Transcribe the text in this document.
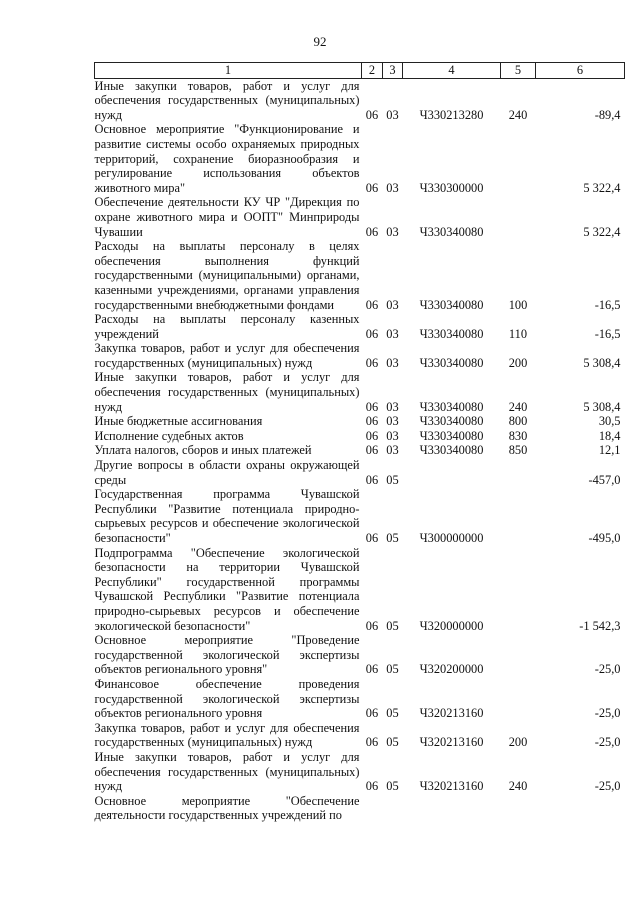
92
1	2	3	4	5	6
Иные закупки товаров, работ и услуг для обеспечения государственных (муниципальных) нужд	06	03	Ч330213280	240	-89,4
Основное мероприятие "Функционирование и развитие системы особо охраняемых природных территорий, сохранение биоразнообразия и регулирование использования объектов животного мира"	06	03	Ч330300000		5 322,4
Обеспечение деятельности КУ ЧР "Дирекция по охране животного мира и ООПТ" Минприроды Чувашии	06	03	Ч330340080		5 322,4
Расходы на выплаты персоналу в целях обеспечения выполнения функций государственными (муниципальными) органами, казенными учреждениями, органами управления государственными внебюджетными фондами	06	03	Ч330340080	100	-16,5
Расходы на выплаты персоналу казенных учреждений	06	03	Ч330340080	110	-16,5
Закупка товаров, работ и услуг для обеспечения государственных (муниципальных) нужд	06	03	Ч330340080	200	5 308,4
Иные закупки товаров, работ и услуг для обеспечения государственных (муниципальных) нужд	06	03	Ч330340080	240	5 308,4
Иные бюджетные ассигнования	06	03	Ч330340080	800	30,5
Исполнение судебных актов	06	03	Ч330340080	830	18,4
Уплата налогов, сборов и иных платежей	06	03	Ч330340080	850	12,1
Другие вопросы в области охраны окружающей среды	06	05			-457,0
Государственная программа Чувашской Республики "Развитие потенциала природно-сырьевых ресурсов и обеспечение экологической безопасности"	06	05	Ч300000000		-495,0
Подпрограмма "Обеспечение экологической безопасности на территории Чувашской Республики" государственной программы Чувашской Республики "Развитие потенциала природно-сырьевых ресурсов и обеспечение экологической безопасности"	06	05	Ч320000000		-1 542,3
Основное мероприятие "Проведение государственной экологической экспертизы объектов регионального уровня"	06	05	Ч320200000		-25,0
Финансовое обеспечение проведения государственной экологической экспертизы объектов регионального уровня	06	05	Ч320213160		-25,0
Закупка товаров, работ и услуг для обеспечения государственных (муниципальных) нужд	06	05	Ч320213160	200	-25,0
Иные закупки товаров, работ и услуг для обеспечения государственных (муниципальных) нужд	06	05	Ч320213160	240	-25,0
Основное мероприятие "Обеспечение деятельности государственных учреждений по					
